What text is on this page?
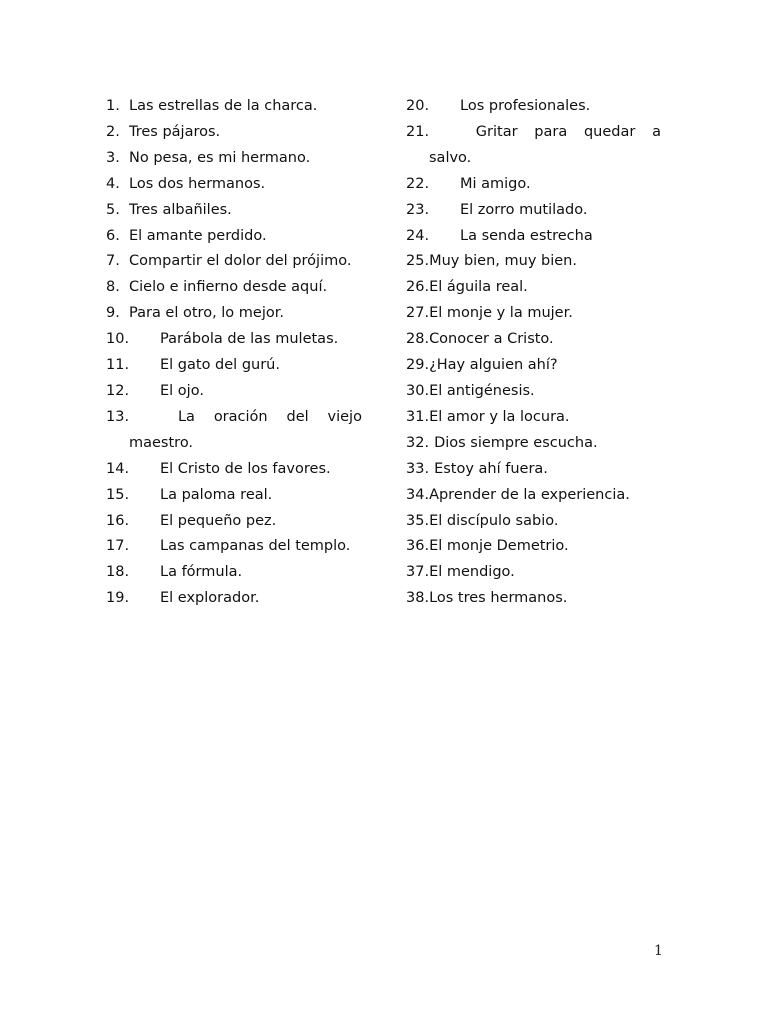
1. Las estrellas de la charca.
2. Tres pájaros.
3. No pesa, es mi hermano.
4. Los dos hermanos.
5. Tres albañiles.
6. El amante perdido.
7. Compartir el dolor del prójimo.
8. Cielo e infierno desde aquí.
9. Para el otro, lo mejor.
10. Parábola de las muletas.
11. El gato del gurú.
12. El ojo.
13.	La oración del viejo
maestro.
14. El Cristo de los favores.
15. La paloma real.
16. El pequeño pez.
17. Las campanas del templo.
18. La fórmula.
19. El explorador.
20. Los profesionales.
21.	Gritar para quedar a
salvo.
22. Mi amigo.
23. El zorro mutilado.
24. La senda estrecha
25.Muy bien, muy bien.
26.El águila real.
27.El monje y la mujer.
28.Conocer a Cristo.
29.¿Hay alguien ahí?
30.El antigénesis.
31.El amor y la locura.
32. Dios siempre escucha.
33. Estoy ahí fuera.
34.Aprender de la experiencia.
35.El discípulo sabio.
36.El monje Demetrio.
37.El mendigo.
38.Los tres hermanos.
1
